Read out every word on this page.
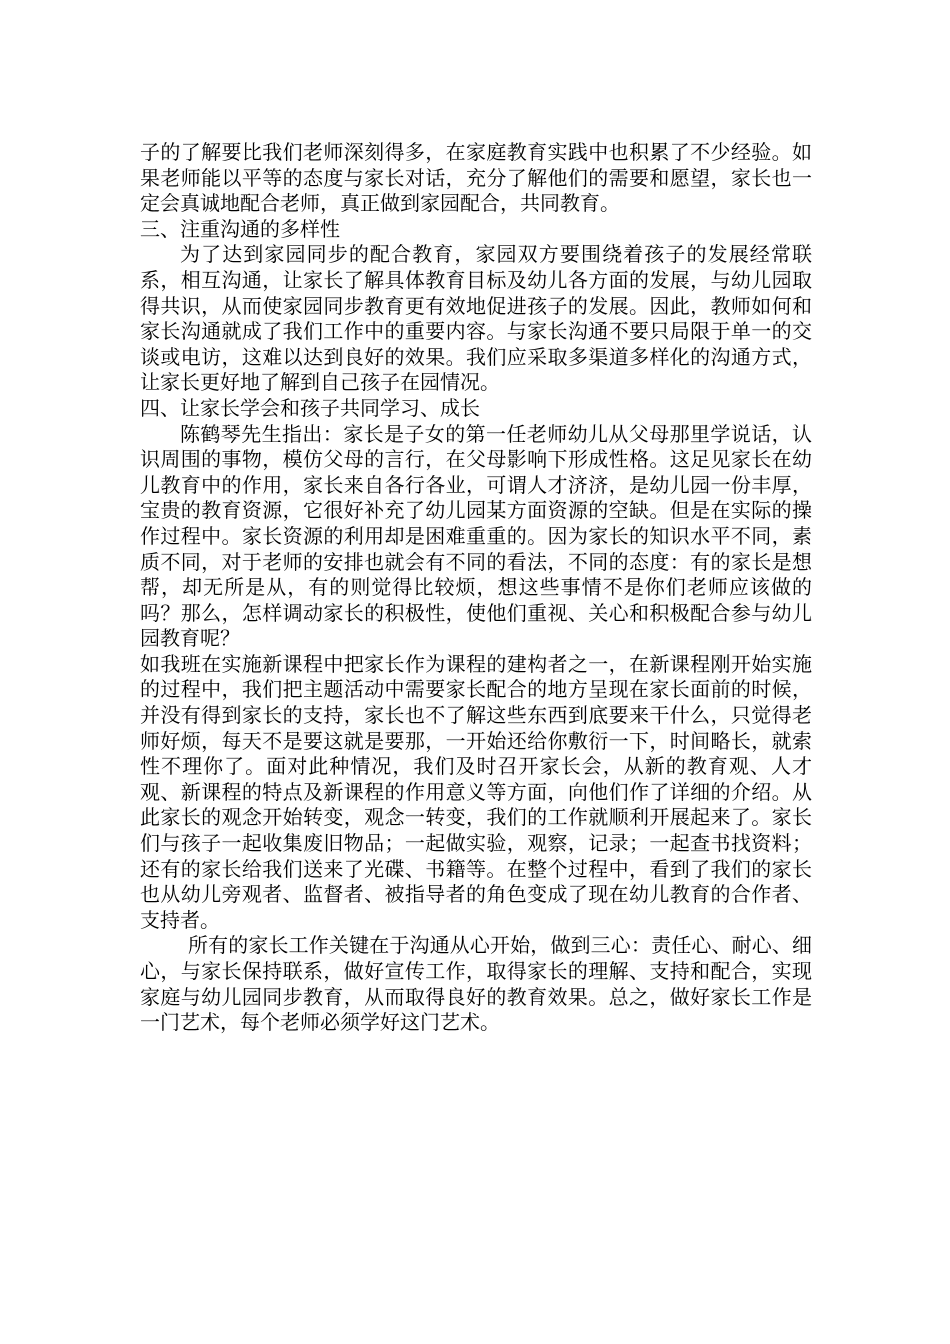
子的了解要比我们老师深刻得多，在家庭教育实践中也积累了不少经验。如果老师能以平等的态度与家长对话，充分了解他们的需要和愿望，家长也一定会真诚地配合老师，真正做到家园配合，共同教育。

三、注重沟通的多样性

为了达到家园同步的配合教育，家园双方要围绕着孩子的发展经常联系，相互沟通，让家长了解具体教育目标及幼儿各方面的发展，与幼儿园取得共识，从而使家园同步教育更有效地促进孩子的发展。因此，教师如何和家长沟通就成了我们工作中的重要内容。与家长沟通不要只局限于单一的交谈或电访，这难以达到良好的效果。我们应采取多渠道多样化的沟通方式，让家长更好地了解到自己孩子在园情况。

四、让家长学会和孩子共同学习、成长

陈鹤琴先生指出：家长是子女的第一任老师幼儿从父母那里学说话，认识周围的事物，模仿父母的言行，在父母影响下形成性格。这足见家长在幼儿教育中的作用，家长来自各行各业，可谓人才济济，是幼儿园一份丰厚，宝贵的教育资源，它很好补充了幼儿园某方面资源的空缺。但是在实际的操作过程中。家长资源的利用却是困难重重的。因为家长的知识水平不同，素质不同，对于老师的安排也就会有不同的看法，不同的态度：有的家长是想帮，却无所是从，有的则觉得比较烦，想这些事情不是你们老师应该做的吗？那么，怎样调动家长的积极性，使他们重视、关心和积极配合参与幼儿园教育呢？

如我班在实施新课程中把家长作为课程的建构者之一，在新课程刚开始实施的过程中，我们把主题活动中需要家长配合的地方呈现在家长面前的时候，并没有得到家长的支持，家长也不了解这些东西到底要来干什么，只觉得老师好烦，每天不是要这就是要那，一开始还给你敷衍一下，时间略长，就索性不理你了。面对此种情况，我们及时召开家长会，从新的教育观、人才观、新课程的特点及新课程的作用意义等方面，向他们作了详细的介绍。从此家长的观念开始转变，观念一转变，我们的工作就顺利开展起来了。家长们与孩子一起收集废旧物品；一起做实验，观察，记录；一起查书找资料；还有的家长给我们送来了光碟、书籍等。在整个过程中，看到了我们的家长也从幼儿旁观者、监督者、被指导者的角色变成了现在幼儿教育的合作者、支持者。

所有的家长工作关键在于沟通从心开始，做到三心：责任心、耐心、细心，与家长保持联系，做好宣传工作，取得家长的理解、支持和配合，实现家庭与幼儿园同步教育，从而取得良好的教育效果。总之，做好家长工作是一门艺术，每个老师必须学好这门艺术。
